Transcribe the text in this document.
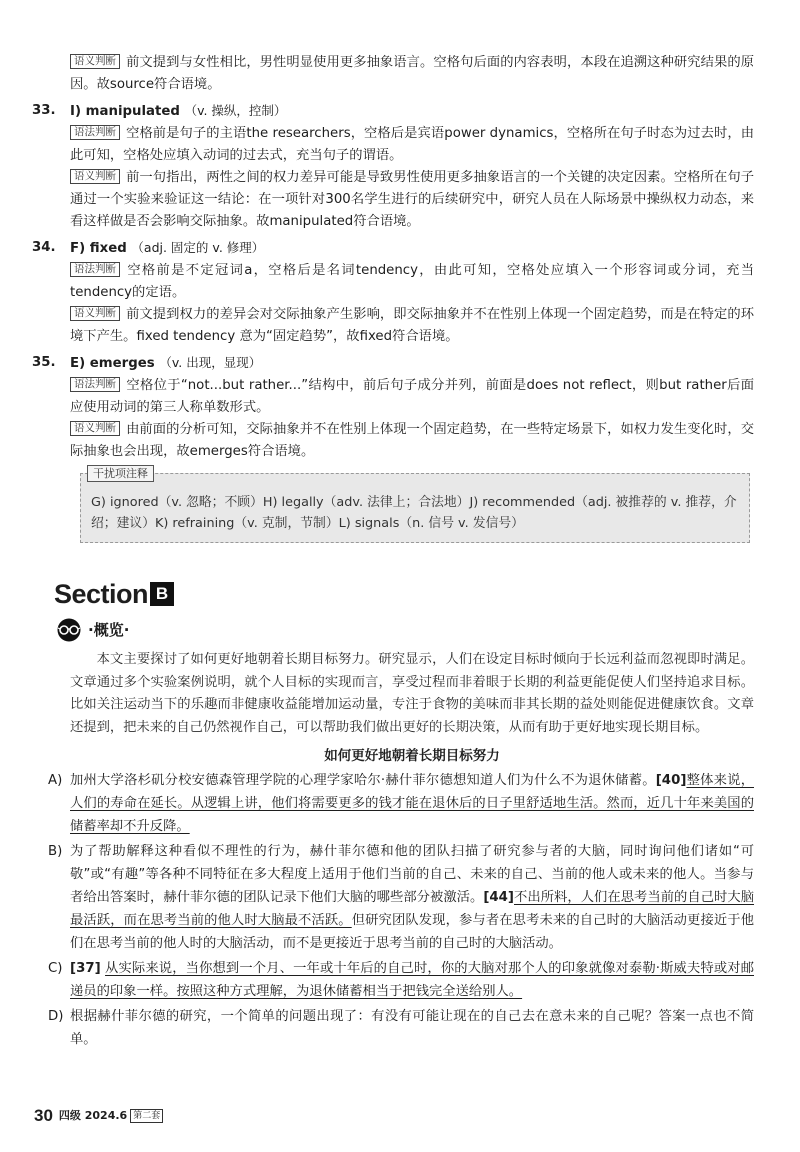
语义判断 前文提到与女性相比，男性明显使用更多抽象语言。空格句后面的内容表明，本段在追溯这种研究结果的原因。故source符合语境。
33. I) manipulated （v. 操纵，控制）
语法判断 空格前是句子的主语the researchers，空格后是宾语power dynamics，空格所在句子时态为过去时，由此可知，空格处应填入动词的过去式，充当句子的谓语。
语义判断 前一句指出，两性之间的权力差异可能是导致男性使用更多抽象语言的一个关键的决定因素。空格所在句子通过一个实验来验证这一结论：在一项针对300名学生进行的后续研究中，研究人员在人际场景中操纵权力动态，来看这样做是否会影响交际抽象。故manipulated符合语境。
34. F) fixed （adj. 固定的 v. 修理）
语法判断 空格前是不定冠词a，空格后是名词tendency，由此可知，空格处应填入一个形容词或分词，充当tendency的定语。
语义判断 前文提到权力的差异会对交际抽象产生影响，即交际抽象并不在性别上体现一个固定趋势，而是在特定的环境下产生。fixed tendency 意为“固定趋势”，故fixed符合语境。
35. E) emerges （v. 出现，显现）
语法判断 空格位于“not...but rather...”结构中，前后句子成分并列，前面是does not reflect，则but rather后面应使用动词的第三人称单数形式。
语义判断 由前面的分析可知，交际抽象并不在性别上体现一个固定趋势，在一些特定场景下，如权力发生变化时，交际抽象也会出现，故emerges符合语境。
干扰项注释
G) ignored（v. 忽略；不顾）H) legally（adv. 法律上；合法地）J) recommended（adj. 被推荐的 v. 推荐，介绍；建议）K) refraining（v. 克制，节制）L) signals（n. 信号 v. 发信号）
Section B
·概览·
本文主要探讨了如何更好地朝着长期目标努力。研究显示，人们在设定目标时倾向于长远利益而忽视即时满足。文章通过多个实验案例说明，就个人目标的实现而言，享受过程而非着眼于长期的利益更能促使人们坚持追求目标。比如关注运动当下的乐趣而非健康收益能增加运动量，专注于食物的美味而非其长期的益处则能促进健康饮食。文章还提到，把未来的自己仍然视作自己，可以帮助我们做出更好的长期决策，从而有助于更好地实现长期目标。
如何更好地朝着长期目标努力
A) 加州大学洛杉矶分校安德森管理学院的心理学家哈尔·赫什菲尔德想知道人们为什么不为退休储蓄。[40]整体来说，人们的寿命在延长。从逻辑上讲，他们将需要更多的钱才能在退休后的日子里舒适地生活。然而，近几十年来美国的储蓄率却不升反降。
B) 为了帮助解释这种看似不理性的行为，赫什菲尔德和他的团队扫描了研究参与者的大脑，同时询问他们诸如“可敬”或“有趣”等各种不同特征在多大程度上适用于他们当前的自己、未来的自己、当前的他人或未来的他人。当参与者给出答案时，赫什菲尔德的团队记录下他们大脑的哪些部分被激活。[44]不出所料，人们在思考当前的自己时大脑最活跃，而在思考当前的他人时大脑最不活跃。但研究团队发现，参与者在思考未来的自己时的大脑活动更接近于他们在思考当前的他人时的大脑活动，而不是更接近于思考当前的自己时的大脑活动。
C) [37] 从实际来说，当你想到一个月、一年或十年后的自己时，你的大脑对那个人的印象就像对泰勒·斯威夫特或对邮递员的印象一样。按照这种方式理解，为退休储蓄相当于把钱完全送给别人。
D) 根据赫什菲尔德的研究，一个简单的问题出现了：有没有可能让现在的自己去在意未来的自己呢？答案一点也不简单。
30 四级 2024.6 第二套
